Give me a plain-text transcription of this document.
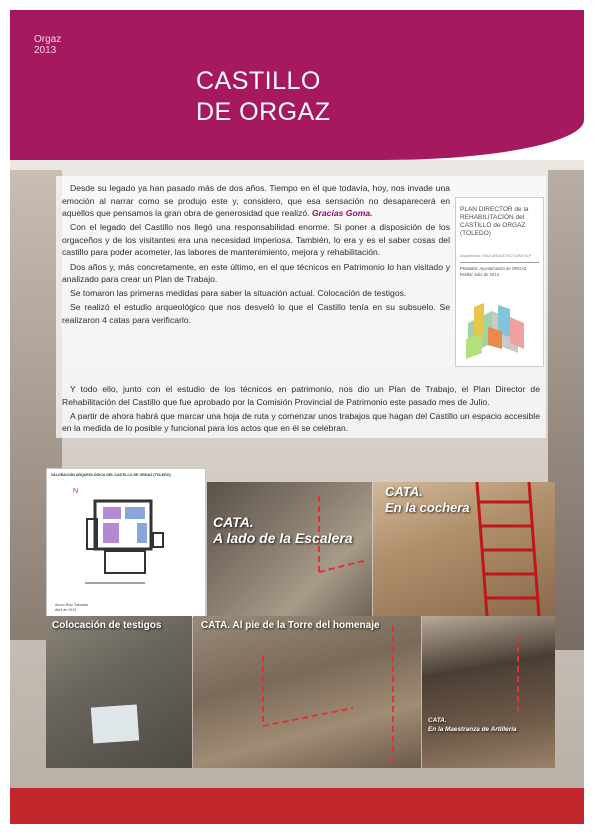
Orgaz
2013
CASTILLO
DE ORGAZ

Desde su legado ya han pasado más de dos años. Tiempo en el que todavía, hoy, nos invade una emoción al narrar como se produjo este y, considero, que esa sensación no desaparecerá en aquellos que pensamos la gran obra de generosidad que realizó. Gracias Goma.

Con el legado del Castillo nos llegó una responsabilidad enorme. Si poner a disposición de los orgaceños y de los visitantes era una necesidad imperiosa. También, lo era y es el saber cosas del castillo para poder acometer, las labores de mantenimiento, mejora y rehabilitación.

Dos años y, más concretamente, en este último, en el que técnicos en Patrimonio lo han visitado y analizado para crear un Plan de Trabajo.

Se tomaron las primeras medidas para saber la situación actual. Colocación de testigos.

Se realizó el estudio arqueológico que nos desveló lo que el Castillo tenía en su subsuelo. Se realizaron 4 catas para verificarlo.

Y todo ello, junto con el estudio de los técnicos en patrimonio, nos dio un Plan de Trabajo, el Plan Director de Rehabilitación del Castillo que fue aprobado por la Comisión Provincial de Patrimonio este pasado mes de Julio.

A partir de ahora habrá que marcar una hoja de ruta y comenzar unos trabajos que hagan del Castillo un espacio accesible en la medida de lo posible y funcional para los actos que en él se celebran.

PLAN DIRECTOR de la REHABILITACIÓN del CASTILLO de ORGAZ (TOLEDO)
Arquitectos: MAA ARQUITECTURA SLP
Promotor: Ayuntamiento de ORGAZ
Fecha: Julio de 2013
VALORACIÓN ARQUEOLÓGICA DEL CASTILLO DE ORGAZ (TOLEDO)
N
Arturo Ruiz Taboada
Abril de 2013
CATA.
A lado de la Escalera
CATA.
En la cochera
Colocación de testigos	CATA. Al pie de la Torre del homenaje
CATA.
En la Maestranza de Artillería
